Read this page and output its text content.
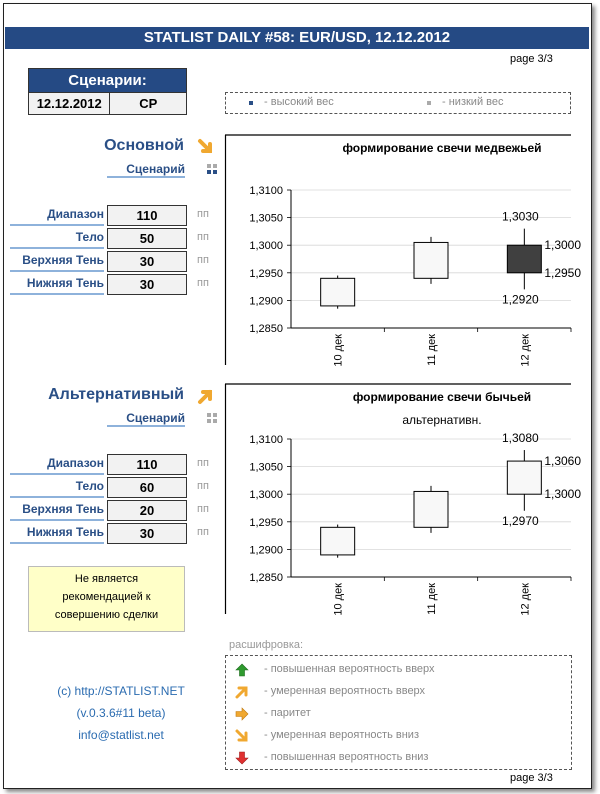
STATLIST DAILY #58: EUR/USD, 12.12.2012
page 3/3
Сценарии:
12.12.2012	СР	- высокий вес	- низкий вес
Основной
Сценарий
Диапазон	110	пп
Тело	50	пп
Верхняя Тень	30	пп
Нижняя Тень	30	пп
формирование свечи медвежьей
1,2850
1,2900
1,2950
1,3000
1,3050
1,3100
10 дек	11 дек	12 дек
1,3030
1,3000
1,2950
1,2920
Альтернативный
Сценарий
Диапазон	110	пп
Тело	60	пп
Верхняя Тень	20	пп
Нижняя Тень	30	пп
формирование свечи бычьей
альтернативн.
1,2850
1,2900
1,2950
1,3000
1,3050
1,3100
10 дек	11 дек	12 дек
1,3080
1,3060
1,3000
1,2970
Не является
рекомендацией к
совершению сделки
(c) http://STATLIST.NET
(v.0.3.6#11 beta)
info@statlist.net
расшифровка:
- повышенная вероятность вверх
- умеренная вероятность вверх
- паритет
- умеренная вероятность вниз
- повышенная вероятность вниз
page 3/3
